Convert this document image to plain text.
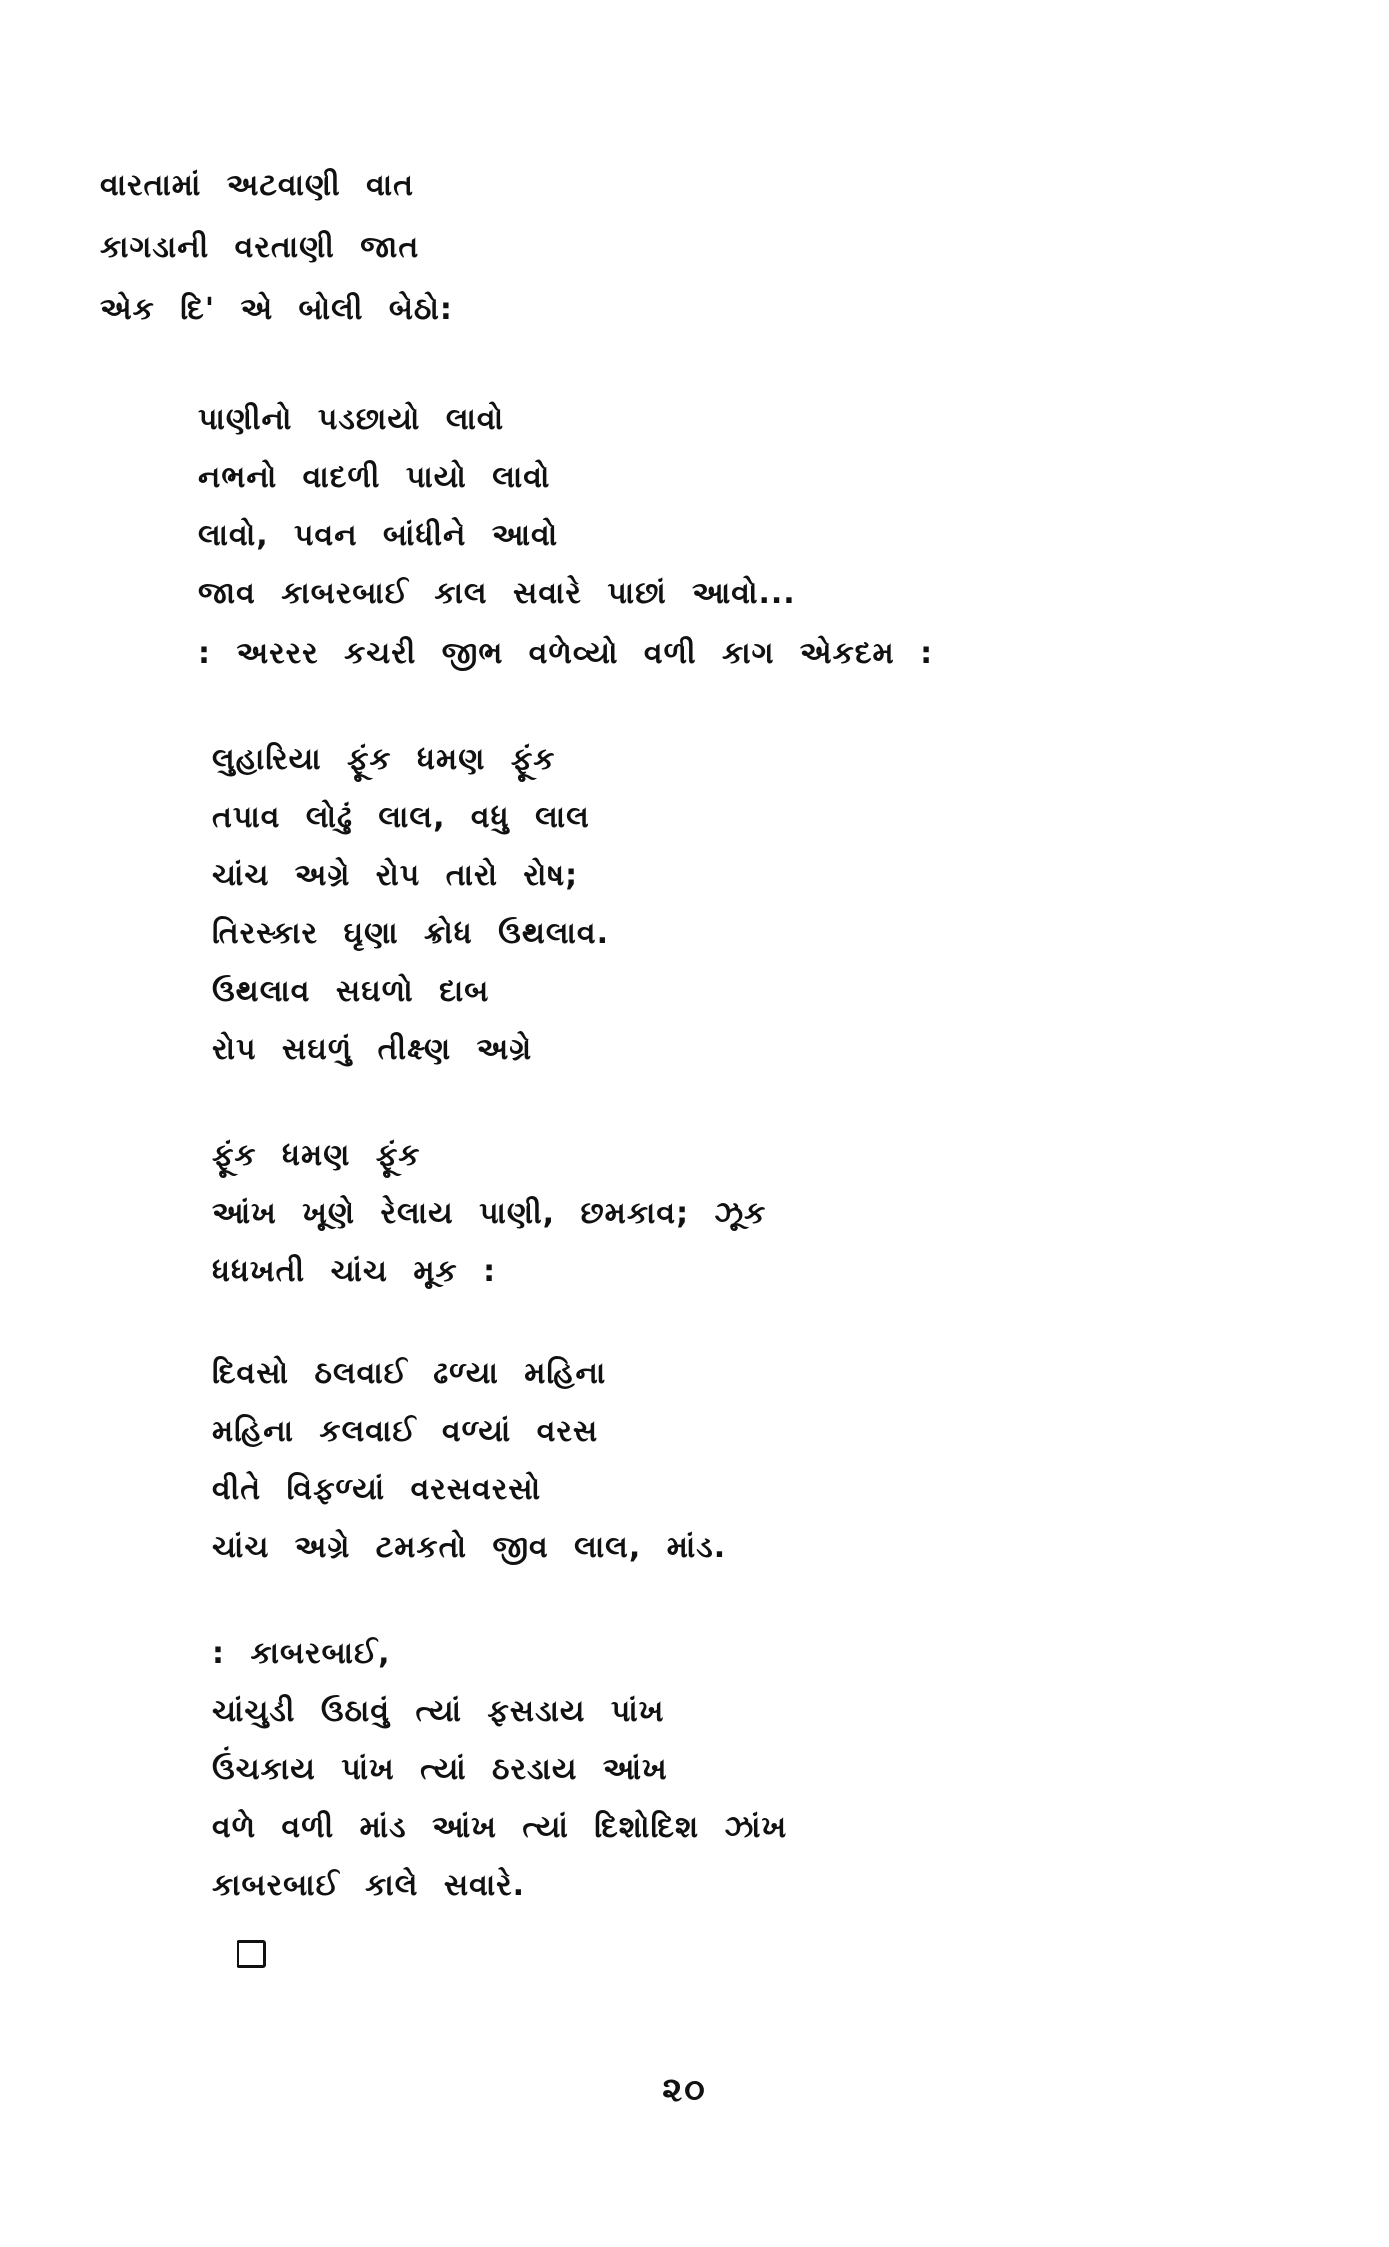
વારતામાં અટવાણી વાત
કાગડાની વરતાણી જાત
એક દિ' એ બોલી બેઠો:
પાણીનો પડછાયો લાવો
નભનો વાદળી પાયો લાવો
લાવો, પવન બાંધીને આવો
જાવ કાબરબાઈ કાલ સવારે પાછાં આવો...
: અરરર કચરી જીભ વળેવ્યો વળી કાગ એકદમ :
લુહારિયા ફૂંક ધમણ ફૂંક
તપાવ લોઢું લાલ, વધુ લાલ
ચાંચ અગ્રે રોપ તારો રોષ;
તિરસ્કાર ઘૃણા ક્રોધ ઉથલાવ.
ઉથલાવ સઘળો દાબ
રોપ સઘળું તીક્ષ્ણ અગ્રે
ફૂંક ધમણ ફૂંક
આંખ ખૂણે રેલાય પાણી, છમકાવ; ઝૂક
ધધખતી ચાંચ મૂક :
દિવસો ઠલવાઈ ઢળ્યા મહિના
મહિના કલવાઈ વળ્યાં વરસ
વીતે વિફળ્યાં વરસવરસો
ચાંચ અગ્રે ટમકતો જીવ લાલ, માંડ.
: કાબરબાઈ,
ચાંચુડી ઉઠાવું ત્યાં ફસડાય પાંખ
ઉંચકાય પાંખ ત્યાં ઠરડાય આંખ
વળે વળી માંડ આંખ ત્યાં દિશોદિશ ઝાંખ
કાબરબાઈ કાલે સવારે.
૨૦
